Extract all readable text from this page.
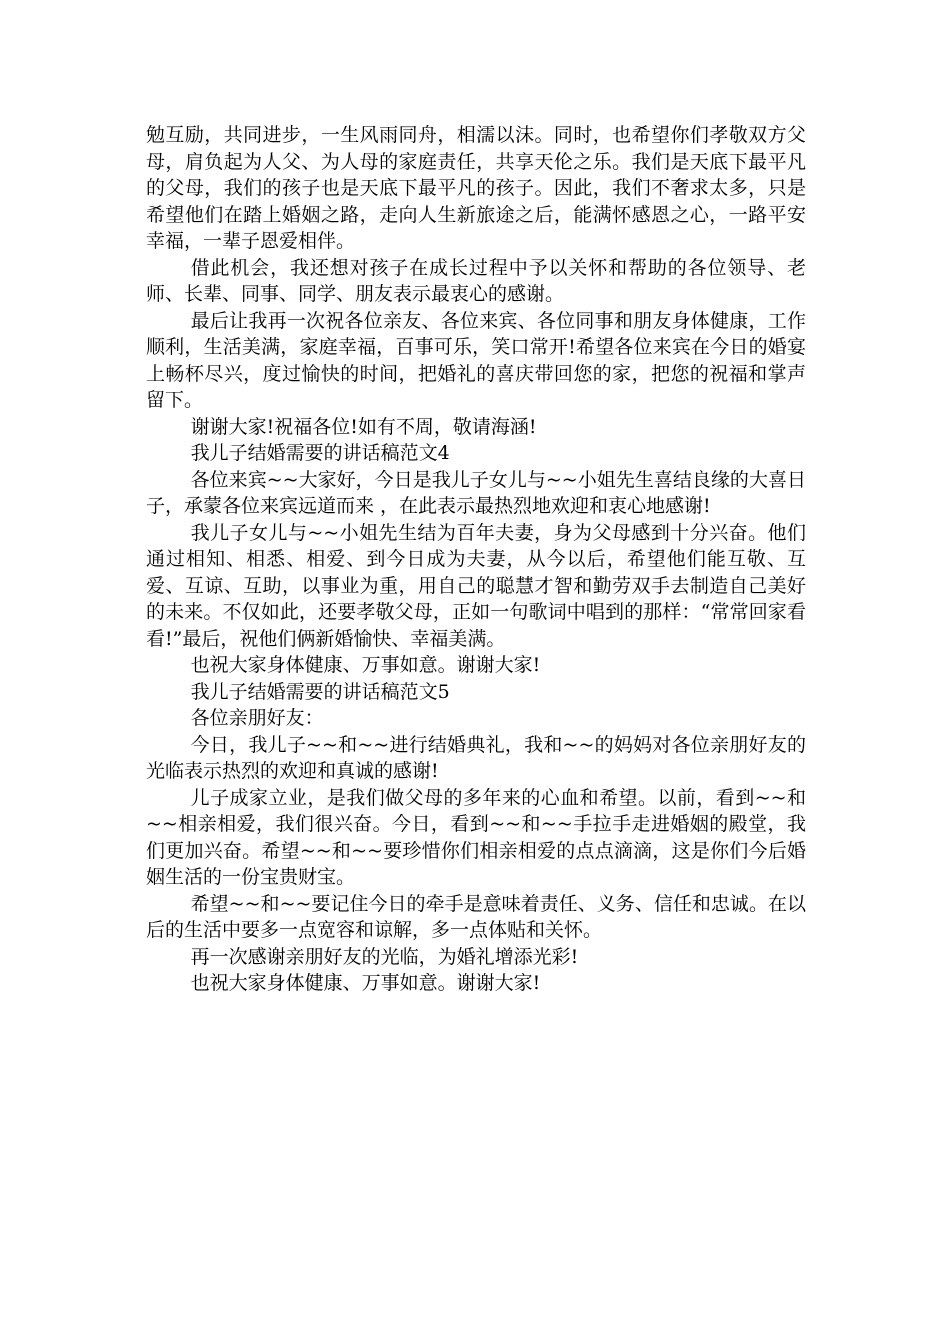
勉互励，共同进步，一生风雨同舟，相濡以沫。同时，也希望你们孝敬双方父母，肩负起为人父、为人母的家庭责任，共享天伦之乐。我们是天底下最平凡的父母，我们的孩子也是天底下最平凡的孩子。因此，我们不奢求太多，只是希望他们在踏上婚姻之路，走向人生新旅途之后，能满怀感恩之心，一路平安幸福，一辈子恩爱相伴。

借此机会，我还想对孩子在成长过程中予以关怀和帮助的各位领导、老师、长辈、同事、同学、朋友表示最衷心的感谢。

最后让我再一次祝各位亲友、各位来宾、各位同事和朋友身体健康，工作顺利，生活美满，家庭幸福，百事可乐，笑口常开!希望各位来宾在今日的婚宴上畅杯尽兴，度过愉快的时间，把婚礼的喜庆带回您的家，把您的祝福和掌声留下。

谢谢大家!祝福各位!如有不周，敬请海涵!

我儿子结婚需要的讲话稿范文4

各位来宾~~大家好，今日是我儿子女儿与~~小姐先生喜结良缘的大喜日子，承蒙各位来宾远道而来 ，在此表示最热烈地欢迎和衷心地感谢!

我儿子女儿与~~小姐先生结为百年夫妻，身为父母感到十分兴奋。他们通过相知、相悉、相爱、到今日成为夫妻，从今以后，希望他们能互敬、互爱、互谅、互助，以事业为重，用自己的聪慧才智和勤劳双手去制造自己美好的未来。不仅如此，还要孝敬父母，正如一句歌词中唱到的那样：“常常回家看看!”最后，祝他们俩新婚愉快、幸福美满。

也祝大家身体健康、万事如意。谢谢大家!

我儿子结婚需要的讲话稿范文5

各位亲朋好友：

今日，我儿子~~和~~进行结婚典礼，我和~~的妈妈对各位亲朋好友的光临表示热烈的欢迎和真诚的感谢!

儿子成家立业，是我们做父母的多年来的心血和希望。以前，看到~~和~~相亲相爱，我们很兴奋。今日，看到~~和~~手拉手走进婚姻的殿堂，我们更加兴奋。希望~~和~~要珍惜你们相亲相爱的点点滴滴，这是你们今后婚姻生活的一份宝贵财宝。

希望~~和~~要记住今日的牵手是意味着责任、义务、信任和忠诚。在以后的生活中要多一点宽容和谅解，多一点体贴和关怀。

再一次感谢亲朋好友的光临，为婚礼增添光彩!

也祝大家身体健康、万事如意。谢谢大家!
